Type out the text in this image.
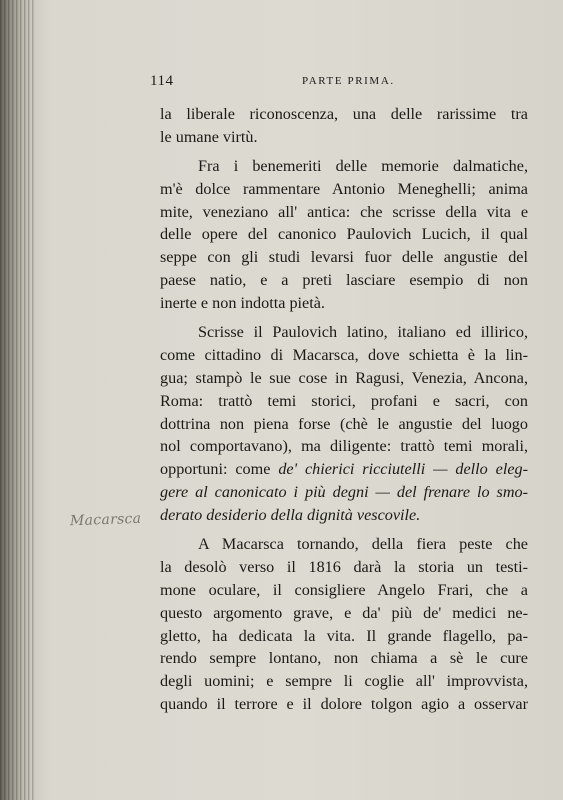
114	PARTE PRIMA.
Macarsca
la liberale riconoscenza, una delle rarissime tra
le umane virtù.
Fra i benemeriti delle memorie dalmatiche,
m'è dolce rammentare Antonio Meneghelli; anima
mite, veneziano all' antica: che scrisse della vita e
delle opere del canonico Paulovich Lucich, il qual
seppe con gli studi levarsi fuor delle angustie del
paese natio, e a preti lasciare esempio di non
inerte e non indotta pietà.
Scrisse il Paulovich latino, italiano ed illirico,
come cittadino di Macarsca, dove schietta è la lin-
gua; stampò le sue cose in Ragusi, Venezia, Ancona,
Roma: trattò temi storici, profani e sacri, con
dottrina non piena forse (chè le angustie del luogo
nol comportavano), ma diligente: trattò temi morali,
opportuni: come de' chierici ricciutelli — dello eleg-
gere al canonicato i più degni — del frenare lo smo-
derato desiderio della dignità vescovile.
A Macarsca tornando, della fiera peste che
la desolò verso il 1816 darà la storia un testi-
mone oculare, il consigliere Angelo Frari, che a
questo argomento grave, e da' più de' medici ne-
gletto, ha dedicata la vita. Il grande flagello, pa-
rendo sempre lontano, non chiama a sè le cure
degli uomini; e sempre li coglie all' improvvista,
quando il terrore e il dolore tolgon agio a osservar
